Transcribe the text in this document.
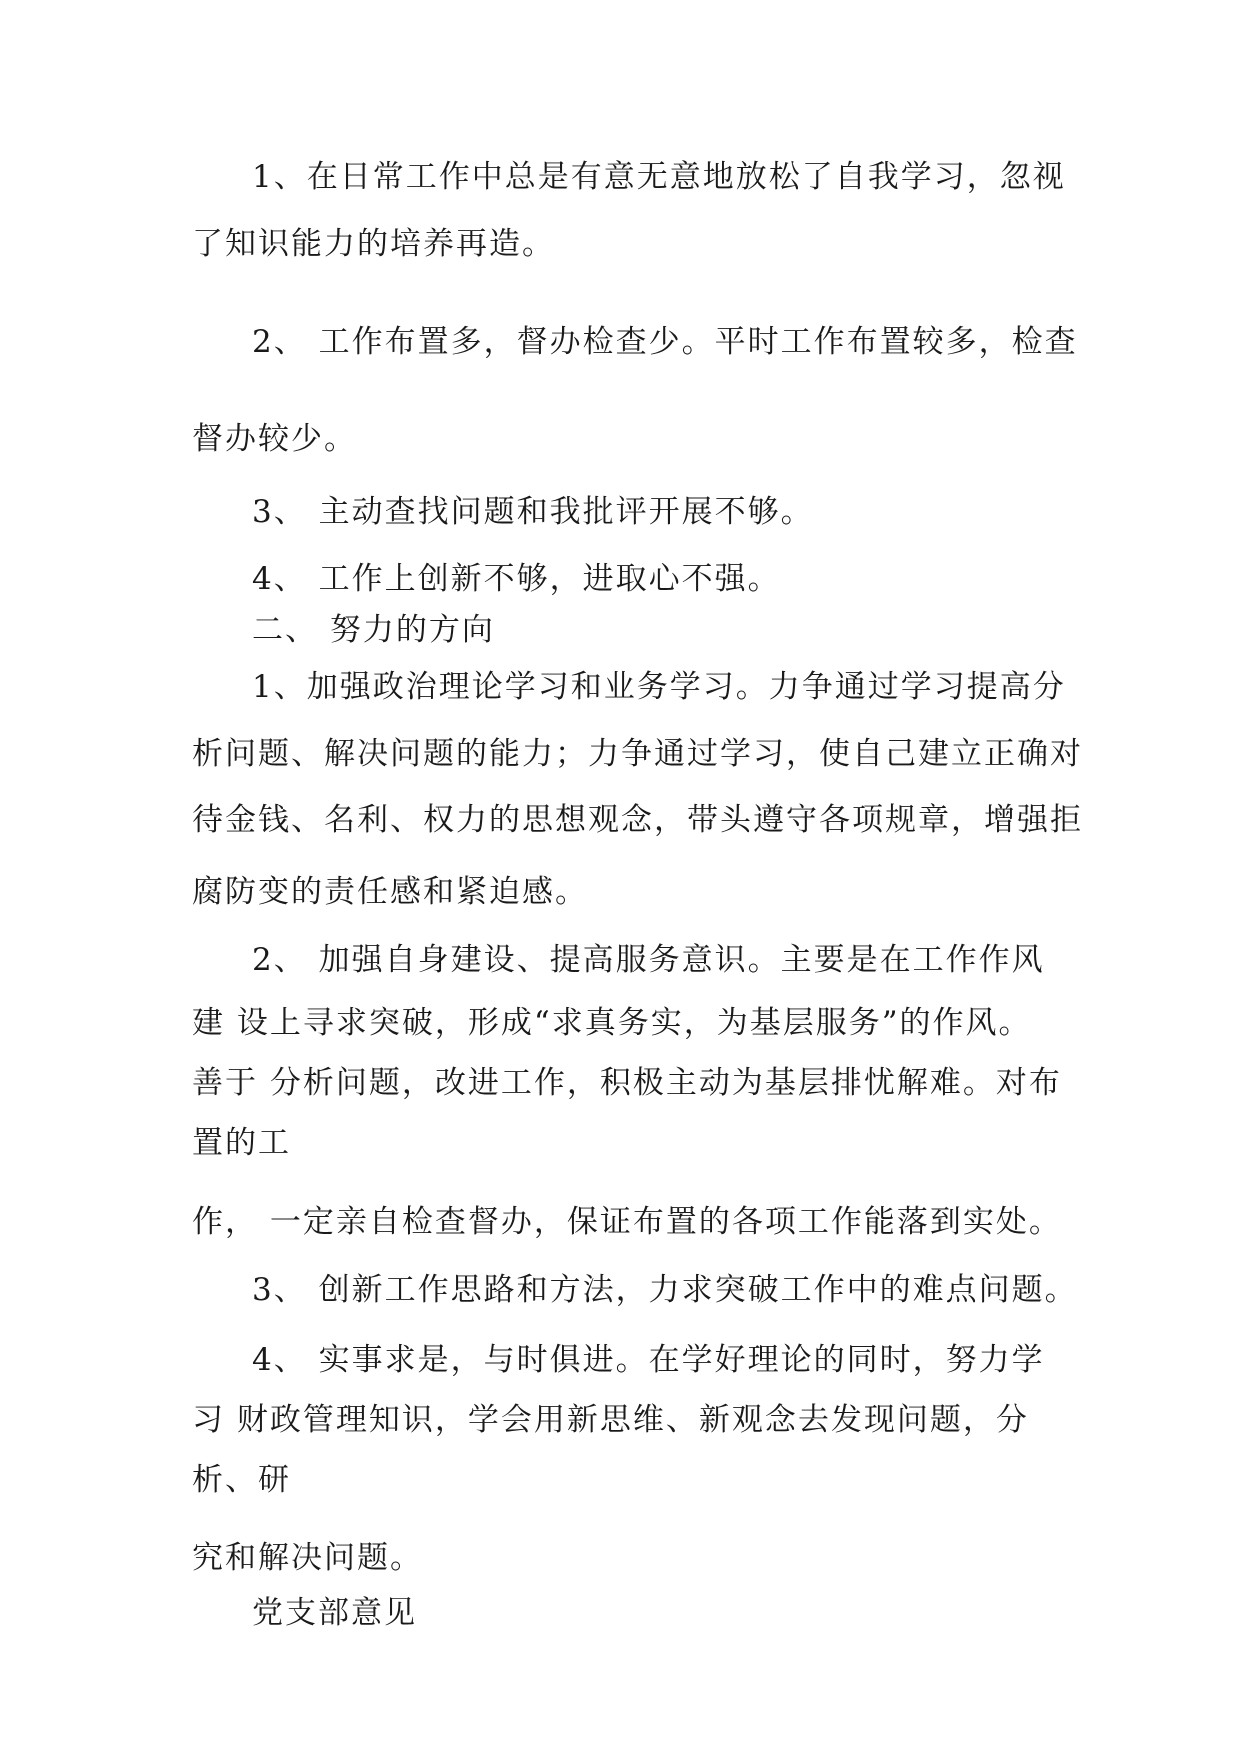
1、在日常工作中总是有意无意地放松了自我学习，忽视
了知识能力的培养再造。
2、 工作布置多，督办检查少。平时工作布置较多，检查
督办较少。
3、 主动查找问题和我批评开展不够。
4、 工作上创新不够，进取心不强。
二、 努力的方向
1、加强政治理论学习和业务学习。力争通过学习提高分
析问题、解决问题的能力；力争通过学习，使自己建立正确对
待金钱、名利、权力的思想观念，带头遵守各项规章，增强拒
腐防变的责任感和紧迫感。
2、 加强自身建设、提高服务意识。主要是在工作作风
建 设上寻求突破，形成“求真务实，为基层服务”的作风。
善于 分析问题，改进工作，积极主动为基层排忧解难。对布
置的工
作， 一定亲自检查督办，保证布置的各项工作能落到实处。
3、 创新工作思路和方法，力求突破工作中的难点问题。
4、 实事求是，与时俱进。在学好理论的同时，努力学
习 财政管理知识，学会用新思维、新观念去发现问题，分
析、研
究和解决问题。
党支部意见
